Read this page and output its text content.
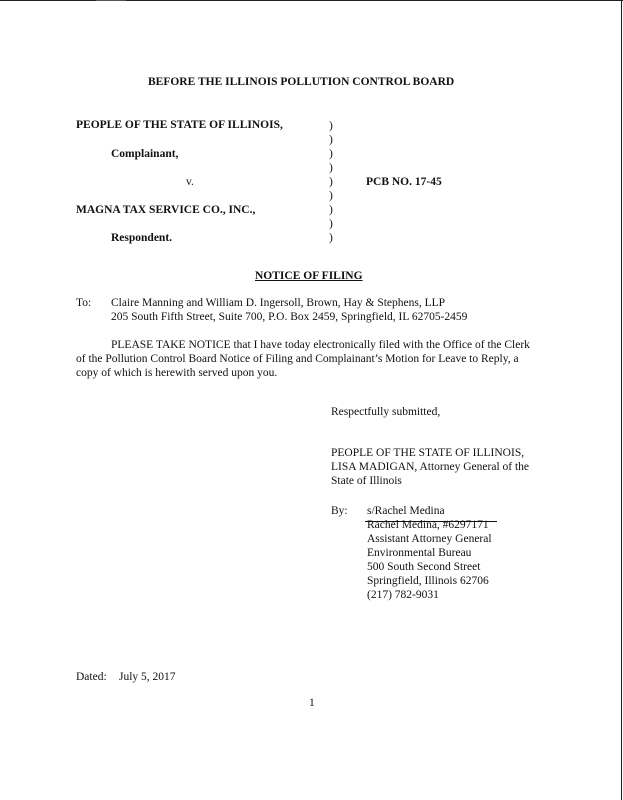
BEFORE THE ILLINOIS POLLUTION CONTROL BOARD
PEOPLE OF THE STATE OF ILLINOIS,
Complainant,
v.	PCB NO. 17-45
MAGNA TAX SERVICE CO., INC.,
Respondent.
)
)
)
)
)
)
)
)
)
NOTICE OF FILING
To: Claire Manning and William D. Ingersoll, Brown, Hay & Stephens, LLP
205 South Fifth Street, Suite 700, P.O. Box 2459, Springfield, IL 62705-2459
PLEASE TAKE NOTICE that I have today electronically filed with the Office of the Clerk
of the Pollution Control Board Notice of Filing and Complainant’s Motion for Leave to Reply, a
copy of which is herewith served upon you.
Respectfully submitted,
PEOPLE OF THE STATE OF ILLINOIS,
LISA MADIGAN, Attorney General of the
State of Illinois
By: s/Rachel Medina
Rachel Medina, #6297171
Assistant Attorney General
Environmental Bureau
500 South Second Street
Springfield, Illinois 62706
(217) 782-9031
Dated: July 5, 2017
1
